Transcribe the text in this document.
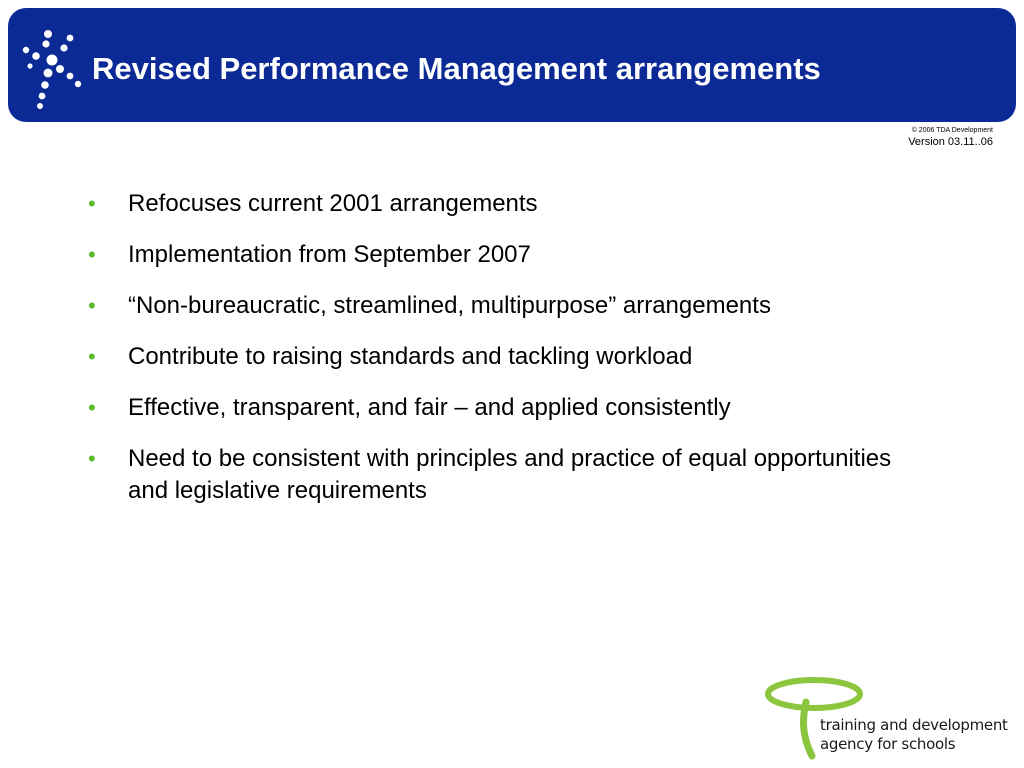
Revised Performance Management arrangements
© 2006 TDA Development
Version 03.11..06
• Refocuses current 2001 arrangements
• Implementation from September 2007
• “Non-bureaucratic, streamlined, multipurpose” arrangements
• Contribute to raising standards and tackling workload
• Effective, transparent, and fair – and applied consistently
• Need to be consistent with principles and practice of equal opportunities and legislative requirements
training and development
agency for schools
